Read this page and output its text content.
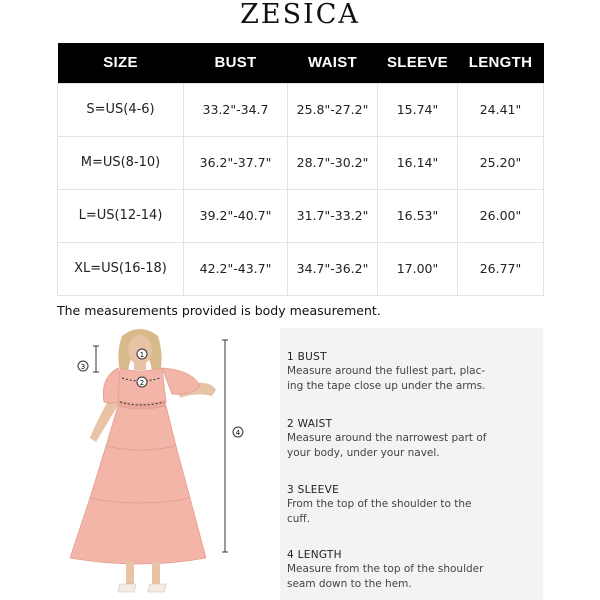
ZESICA
SIZE	BUST	WAIST	SLEEVE	LENGTH
S=US(4-6)	33.2"-34.7	25.8"-27.2"	15.74"	24.41"
M=US(8-10)	36.2"-37.7"	28.7"-30.2"	16.14"	25.20"
L=US(12-14)	39.2"-40.7"	31.7"-33.2"	16.53"	26.00"
XL=US(16-18)	42.2"-43.7"	34.7"-36.2"	17.00"	26.77"
The measurements provided is body measurement.
1
2
3
4
1 BUST
Measure around the fullest part, plac-
ing the tape close up under the arms.
2 WAIST
Measure around the narrowest part of
your body, under your navel.
3 SLEEVE
From the top of the shoulder to the
cuff.
4 LENGTH
Measure from the top of the shoulder
seam down to the hem.
